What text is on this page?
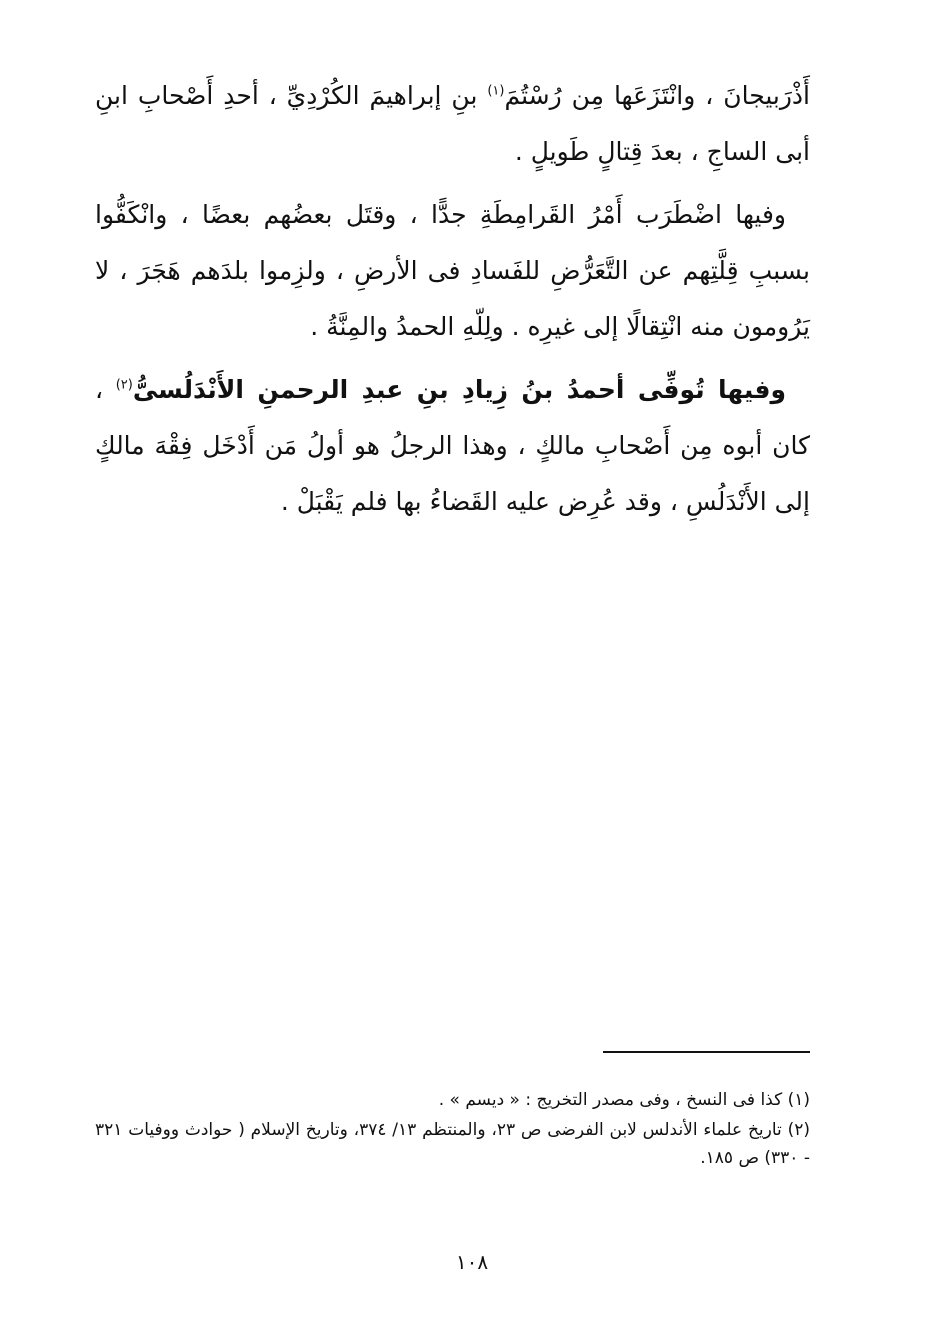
أَذْرَبيجانَ ، وانْتَزَعَها مِن رُسْتُمَ$^{(١)}$ بنِ إبراهيمَ الكُرْدِيِّ ، أحدِ أَصْحابِ ابنِ أبى الساجِ ، بعدَ قِتالٍ طَويلٍ .

وفيها اضْطَرَب أَمْرُ القَرامِطَةِ جدًّا ، وقتَل بعضُهم بعضًا ، وانْكَفُّوا بسببِ قِلَّتِهم عن التَّعَرُّضِ للفَسادِ فى الأرضِ ، ولزِموا بلدَهم هَجَرَ ، لا يَرُومون منه انْتِقالًا إلى غيرِه . ولِلّهِ الحمدُ والمِنَّةُ .

وفيها تُوفِّى أحمدُ بنُ زِيادِ بنِ عبدِ الرحمنِ الأَنْدَلُسىُّ$^{(٢)}$ ، كان أبوه مِن أَصْحابِ مالكٍ ، وهذا الرجلُ هو أولُ مَن أَدْخَل فِقْهَ مالكٍ إلى الأَنْدَلُسِ ، وقد عُرِض عليه القَضاءُ بها فلم يَقْبَلْ .

(١) كذا فى النسخ ، وفى مصدر التخريج : « ديسم » .

(٢) تاريخ علماء الأندلس لابن الفرضى ص ٢٣، والمنتظم ١٣/ ٣٧٤، وتاريخ الإسلام ( حوادث ووفيات ٣٢١ - ٣٣٠) ص ١٨٥.

١٠٨
